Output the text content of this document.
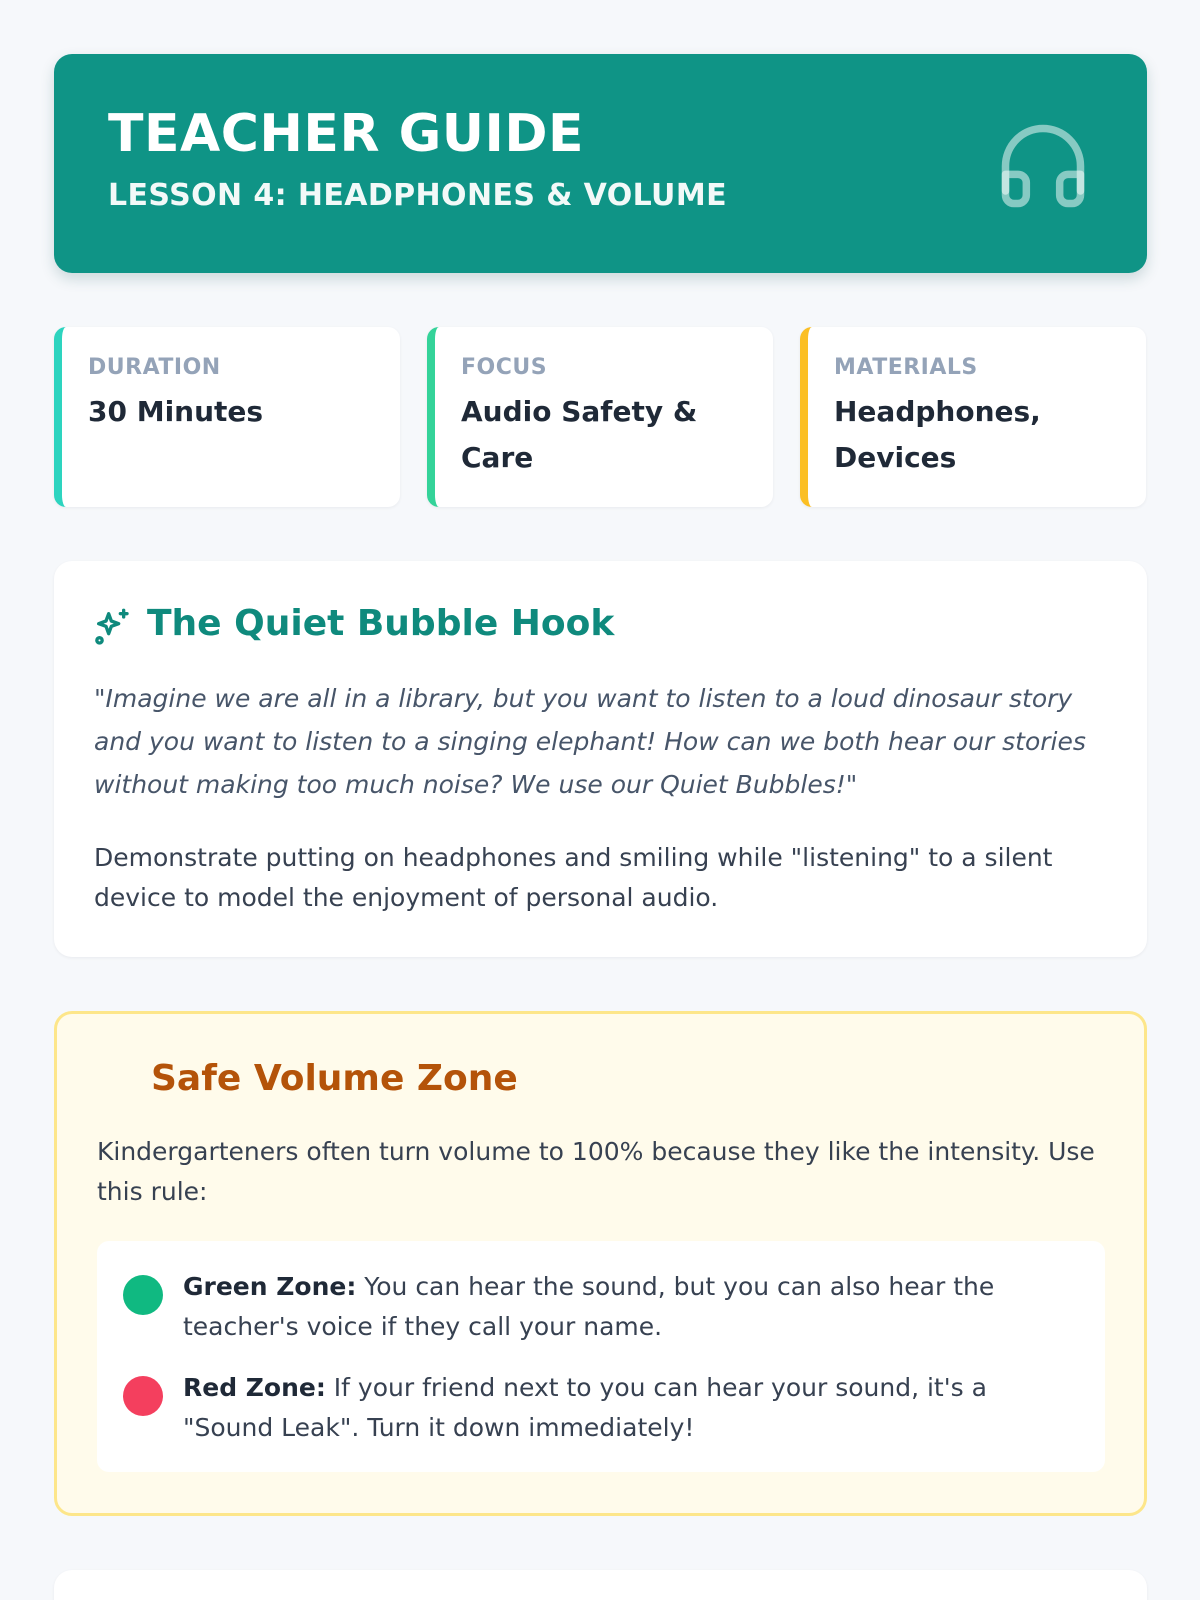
TEACHER GUIDE
LESSON 4: HEADPHONES & VOLUME
DURATION
30 Minutes
FOCUS
Audio Safety & Care
MATERIALS
Headphones, Devices
The Quiet Bubble Hook
"Imagine we are all in a library, but you want to listen to a loud dinosaur story and you want to listen to a singing elephant! How can we both hear our stories without making too much noise? We use our Quiet Bubbles!"
Demonstrate putting on headphones and smiling while "listening" to a silent device to model the enjoyment of personal audio.
Safe Volume Zone
Kindergarteners often turn volume to 100% because they like the intensity. Use this rule:
Green Zone: You can hear the sound, but you can also hear the teacher's voice if they call your name.
Red Zone: If your friend next to you can hear your sound, it's a "Sound Leak". Turn it down immediately!
